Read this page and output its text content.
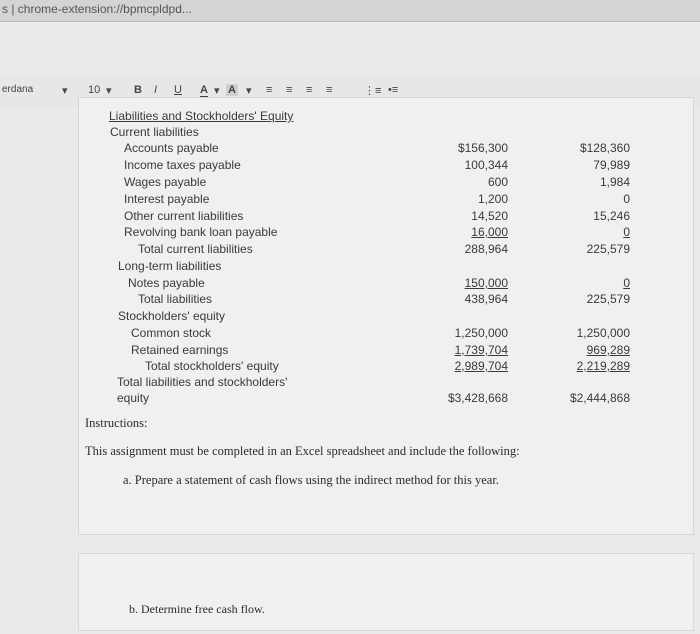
s | chrome-extension://bpmcpldpd...
erdana	▾ 10 ▾ B I U A ▾ A ▾ ≡ ≡ ≡ ≡	⋮≡ •≡
Liabilities and Stockholders' Equity
Current liabilities
Accounts payable	$156,300	$128,360
Income taxes payable	100,344	79,989
Wages payable	600	1,984
Interest payable	1,200	0
Other current liabilities	14,520	15,246
Revolving bank loan payable	16,000	0
Total current liabilities	288,964	225,579
Long-term liabilities
Notes payable	150,000	0
Total liabilities	438,964	225,579
Stockholders' equity
Common stock	1,250,000	1,250,000
Retained earnings	1,739,704	969,289
Total stockholders' equity	2,989,704	2,219,289
Total liabilities and stockholders'
equity	$3,428,668	$2,444,868
Instructions:
This assignment must be completed in an Excel spreadsheet and include the following:
a. Prepare a statement of cash flows using the indirect method for this year.
b. Determine free cash flow.
